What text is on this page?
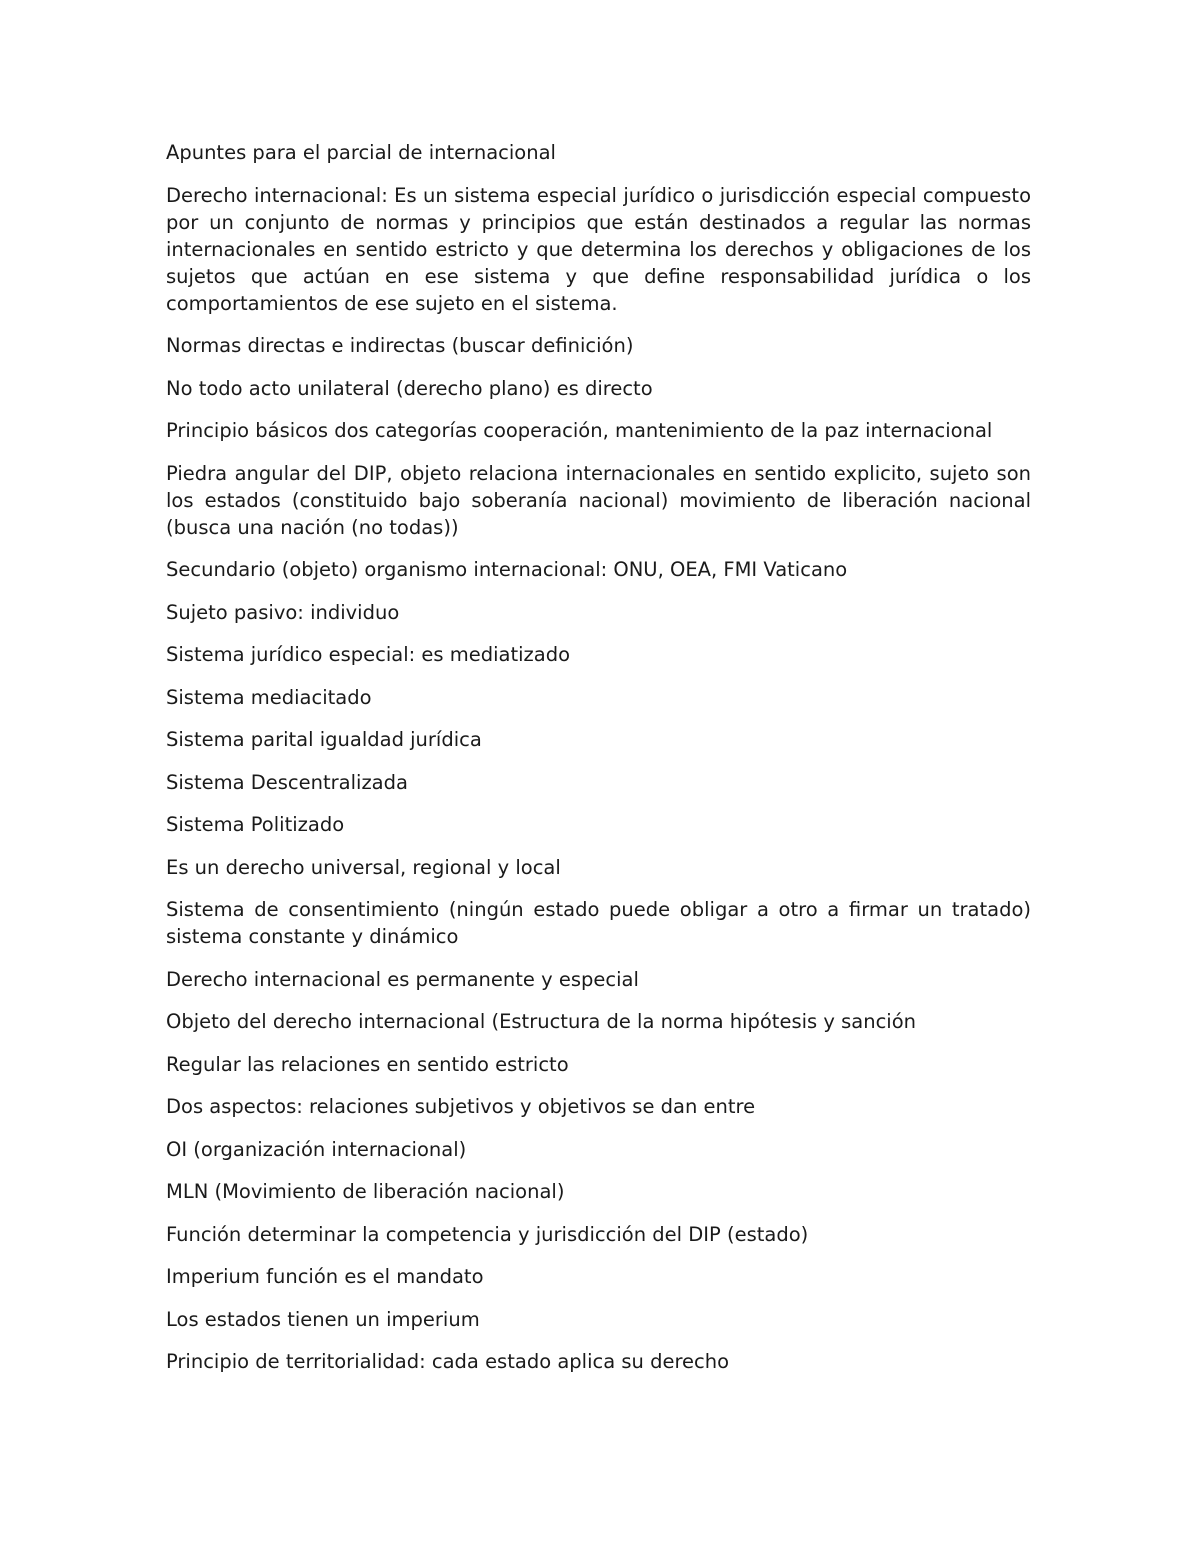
Apuntes para el parcial de internacional

Derecho internacional: Es un sistema especial jurídico o jurisdicción especial compuesto por un conjunto de normas y principios que están destinados a regular las normas internacionales en sentido estricto y que determina los derechos y obligaciones de los sujetos que actúan en ese sistema y que define responsabilidad jurídica o los comportamientos de ese sujeto en el sistema.

Normas directas e indirectas (buscar definición)

No todo acto unilateral (derecho plano) es directo

Principio básicos dos categorías cooperación, mantenimiento de la paz internacional

Piedra angular del DIP, objeto relaciona internacionales en sentido explicito, sujeto son los estados (constituido bajo soberanía nacional) movimiento de liberación nacional (busca una nación (no todas))

Secundario (objeto) organismo internacional: ONU, OEA, FMI Vaticano

Sujeto pasivo: individuo

Sistema jurídico especial: es mediatizado

Sistema mediacitado

Sistema parital igualdad jurídica

Sistema Descentralizada

Sistema Politizado

Es un derecho universal, regional y local

Sistema de consentimiento (ningún estado puede obligar a otro a firmar un tratado) sistema constante y dinámico

Derecho internacional es permanente y especial

Objeto del derecho internacional (Estructura de la norma hipótesis y sanción

Regular las relaciones en sentido estricto

Dos aspectos: relaciones subjetivos y objetivos se dan entre

OI (organización internacional)

MLN (Movimiento de liberación nacional)

Función determinar la competencia y jurisdicción del DIP (estado)

Imperium función es el mandato

Los estados tienen un imperium

Principio de territorialidad: cada estado aplica su derecho
